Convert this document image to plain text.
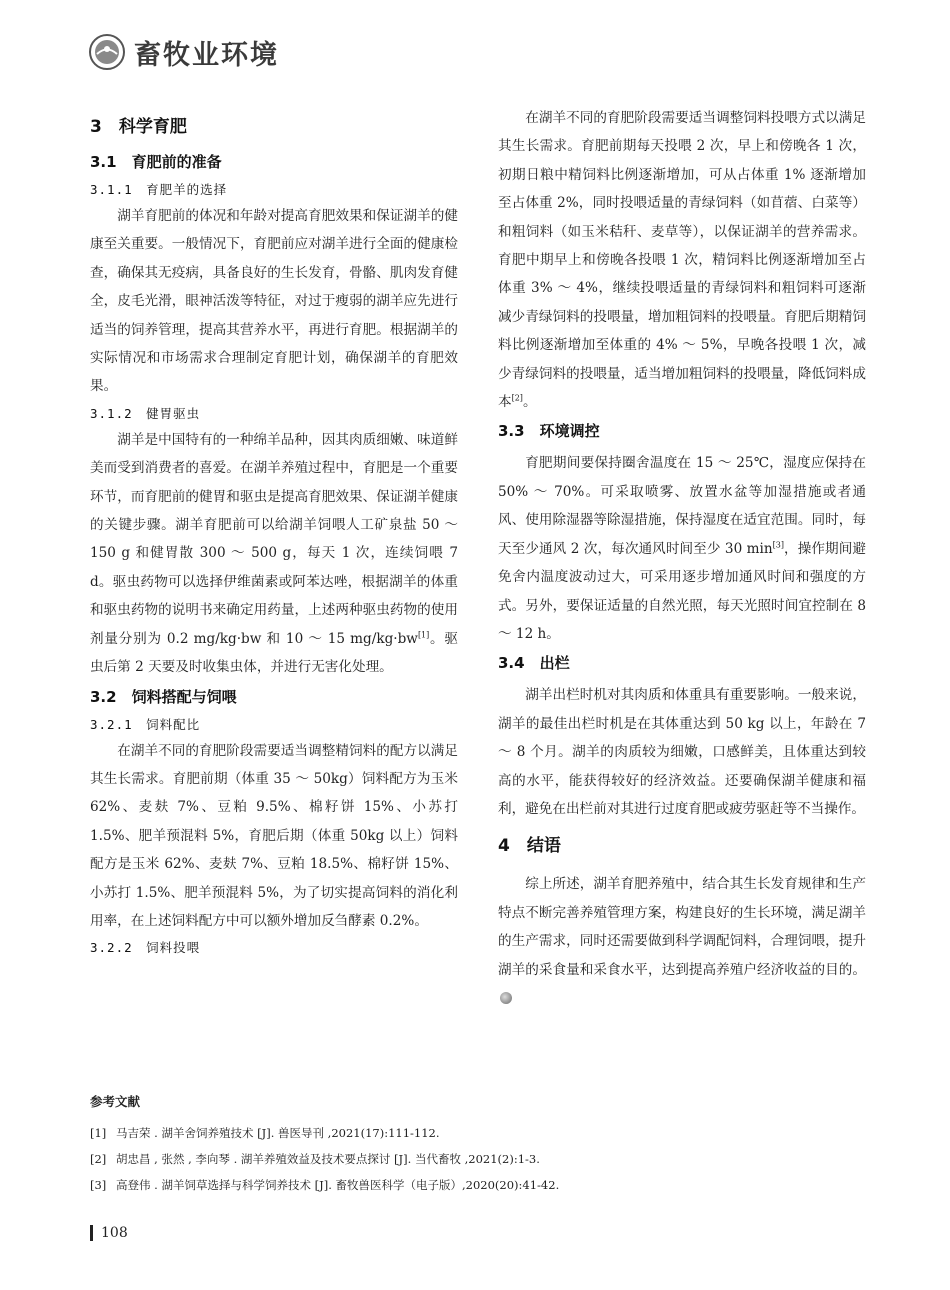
畜牧业环境
3　科学育肥
3.1　育肥前的准备
3.1.1　育肥羊的选择

湖羊育肥前的体况和年龄对提高育肥效果和保证湖羊的健康至关重要。一般情况下，育肥前应对湖羊进行全面的健康检查，确保其无疫病，具备良好的生长发育，骨骼、肌肉发育健全，皮毛光滑，眼神活泼等特征，对过于瘦弱的湖羊应先进行适当的饲养管理，提高其营养水平，再进行育肥。根据湖羊的实际情况和市场需求合理制定育肥计划，确保湖羊的育肥效果。

3.1.2　健胃驱虫

湖羊是中国特有的一种绵羊品种，因其肉质细嫩、味道鲜美而受到消费者的喜爱。在湖羊养殖过程中，育肥是一个重要环节，而育肥前的健胃和驱虫是提高育肥效果、保证湖羊健康的关键步骤。湖羊育肥前可以给湖羊饲喂人工矿泉盐 50 ～ 150 g 和健胃散 300 ～ 500 g，每天 1 次，连续饲喂 7 d。驱虫药物可以选择伊维菌素或阿苯达唑，根据湖羊的体重和驱虫药物的说明书来确定用药量，上述两种驱虫药物的使用剂量分别为 0.2 mg/kg·bw 和 10 ～ 15 mg/kg·bw[1]。驱虫后第 2 天要及时收集虫体，并进行无害化处理。

3.2　饲料搭配与饲喂
3.2.1　饲料配比

在湖羊不同的育肥阶段需要适当调整精饲料的配方以满足其生长需求。育肥前期（体重 35 ～ 50kg）饲料配方为玉米 62%、麦麸 7%、豆粕 9.5%、棉籽饼 15%、小苏打 1.5%、肥羊预混料 5%，育肥后期（体重 50kg 以上）饲料配方是玉米 62%、麦麸 7%、豆粕 18.5%、棉籽饼 15%、小苏打 1.5%、肥羊预混料 5%，为了切实提高饲料的消化利用率，在上述饲料配方中可以额外增加反刍酵素 0.2%。

3.2.2　饲料投喂

在湖羊不同的育肥阶段需要适当调整饲料投喂方式以满足其生长需求。育肥前期每天投喂 2 次，早上和傍晚各 1 次，初期日粮中精饲料比例逐渐增加，可从占体重 1% 逐渐增加至占体重 2%，同时投喂适量的青绿饲料（如苜蓿、白菜等）和粗饲料（如玉米秸秆、麦草等），以保证湖羊的营养需求。育肥中期早上和傍晚各投喂 1 次，精饲料比例逐渐增加至占体重 3% ～ 4%，继续投喂适量的青绿饲料和粗饲料可逐渐减少青绿饲料的投喂量，增加粗饲料的投喂量。育肥后期精饲料比例逐渐增加至体重的 4% ～ 5%，早晚各投喂 1 次，减少青绿饲料的投喂量，适当增加粗饲料的投喂量，降低饲料成本[2]。

3.3　环境调控

育肥期间要保持圈舍温度在 15 ～ 25℃，湿度应保持在 50% ～ 70%。可采取喷雾、放置水盆等加湿措施或者通风、使用除湿器等除湿措施，保持湿度在适宜范围。同时，每天至少通风 2 次，每次通风时间至少 30 min[3]，操作期间避免舍内温度波动过大，可采用逐步增加通风时间和强度的方式。另外，要保证适量的自然光照，每天光照时间宜控制在 8 ～ 12 h。

3.4　出栏

湖羊出栏时机对其肉质和体重具有重要影响。一般来说，湖羊的最佳出栏时机是在其体重达到 50 kg 以上，年龄在 7 ～ 8 个月。湖羊的肉质较为细嫩，口感鲜美，且体重达到较高的水平，能获得较好的经济效益。还要确保湖羊健康和福利，避免在出栏前对其进行过度育肥或疲劳驱赶等不当操作。

4　结语

综上所述，湖羊育肥养殖中，结合其生长发育规律和生产特点不断完善养殖管理方案，构建良好的生长环境，满足湖羊的生产需求，同时还需要做到科学调配饲料，合理饲喂，提升湖羊的采食量和采食水平，达到提高养殖户经济收益的目的。

参考文献
[1] 马吉荣 . 湖羊舍饲养殖技术 [J]. 兽医导刊 ,2021(17):111-112.
[2] 胡忠昌 , 张然 , 李向琴 . 湖羊养殖效益及技术要点探讨 [J]. 当代畜牧 ,2021(2):1-3.
[3] 高登伟 . 湖羊饲草选择与科学饲养技术 [J]. 畜牧兽医科学（电子版）,2020(20):41-42.
108
